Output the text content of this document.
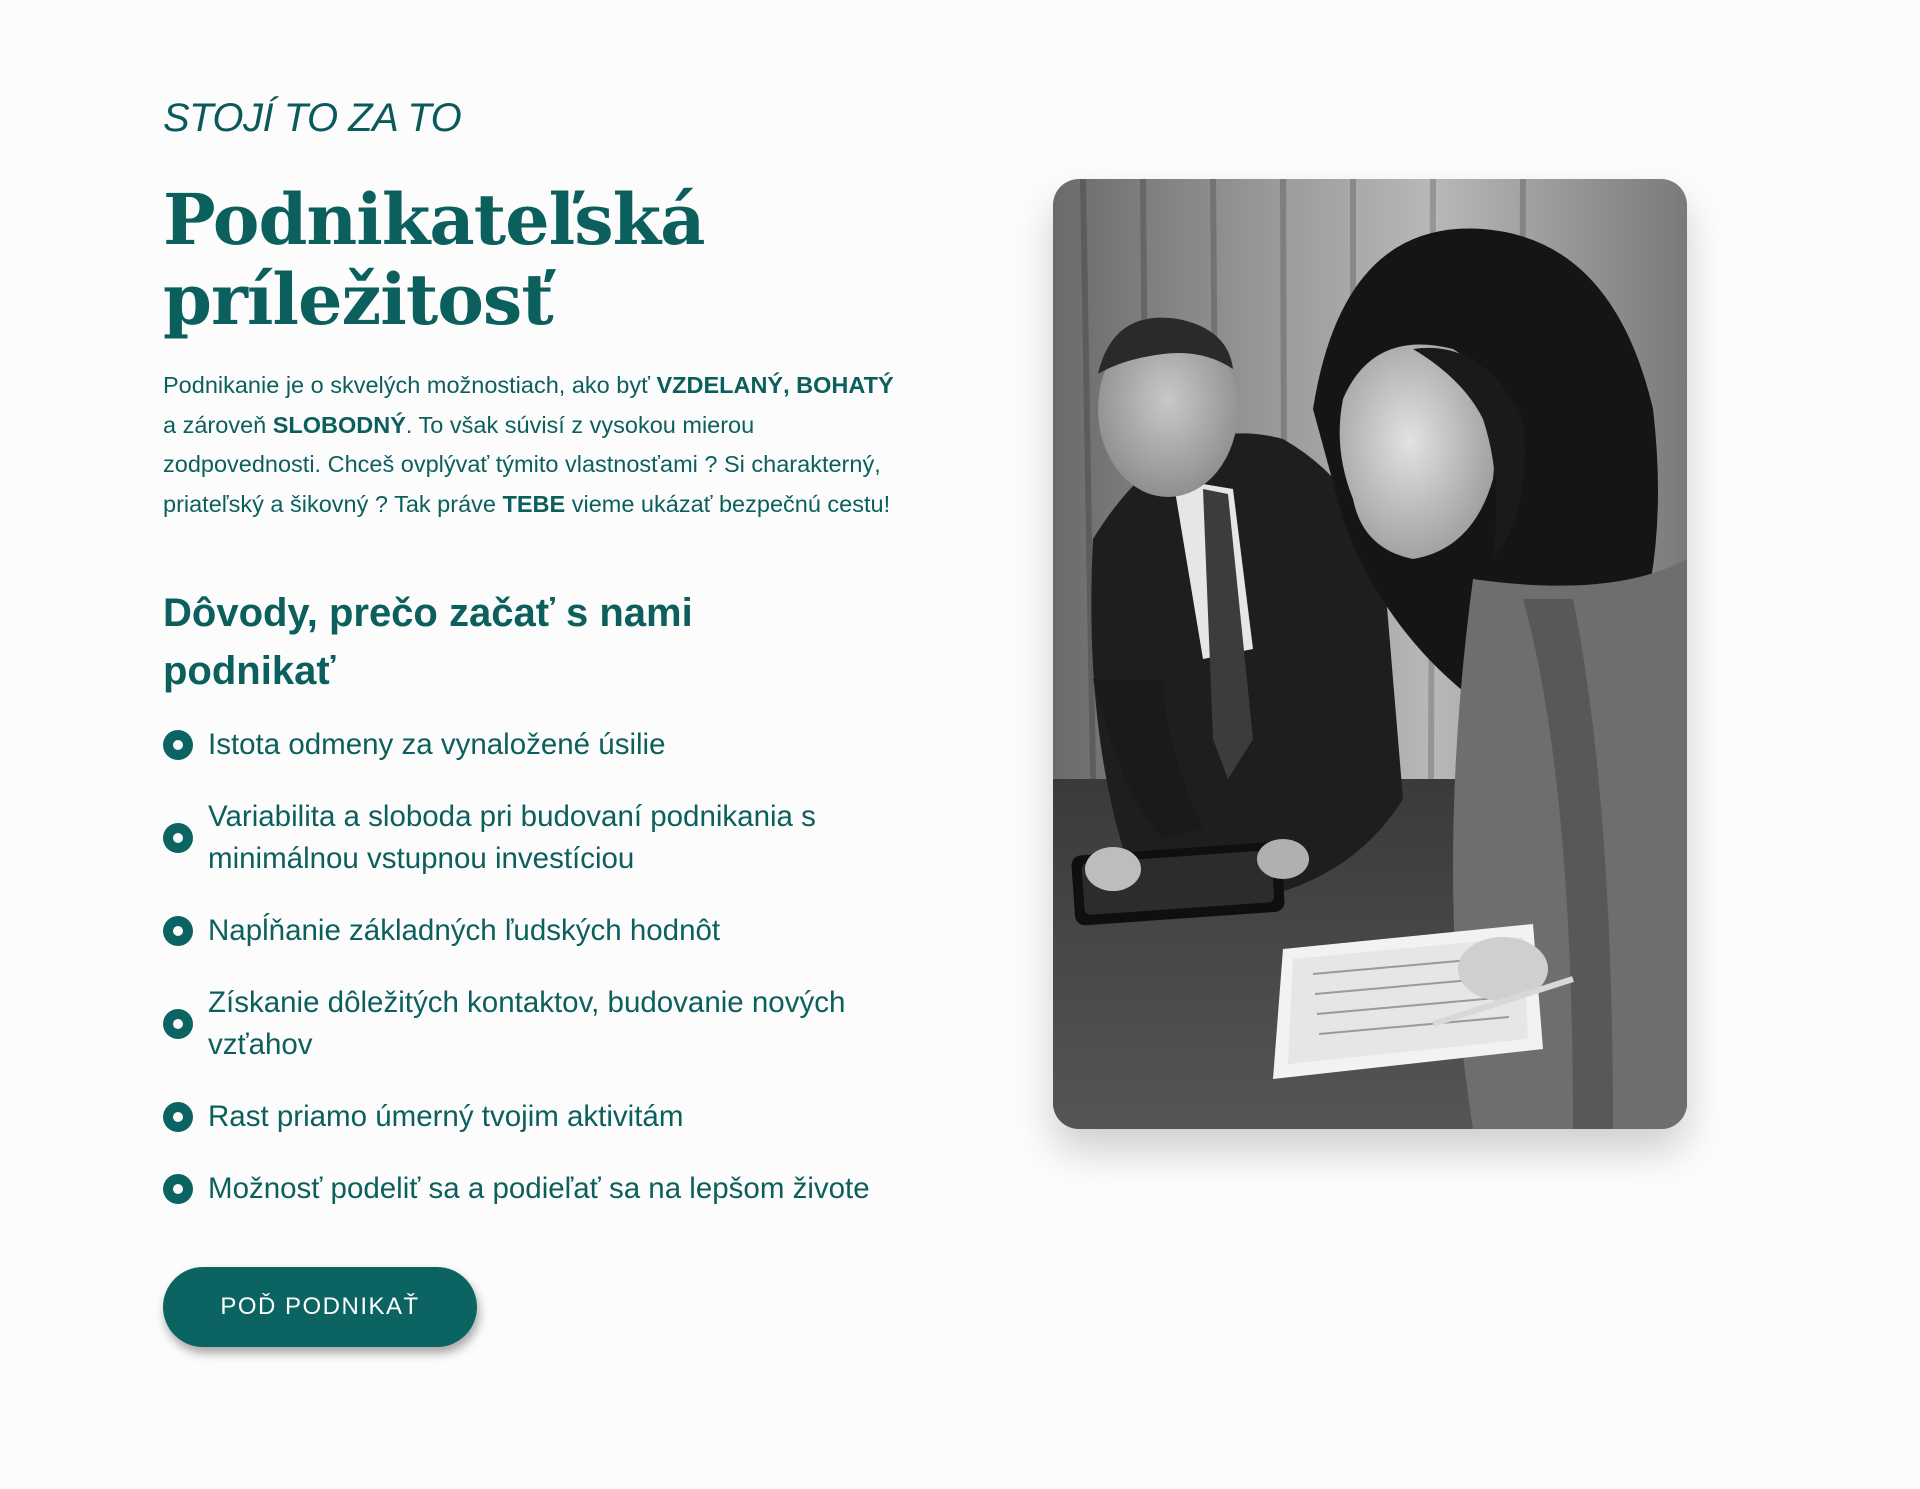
STOJÍ TO ZA TO
Podnikateľská
príležitosť

Podnikanie je o skvelých možnostiach, ako byť VZDELANÝ, BOHATÝ a zároveň SLOBODNÝ. To však súvisí z vysokou mierou zodpovednosti. Chceš ovplývať týmito vlastnosťami ? Si charakterný, priateľský a šikovný ? Tak práve TEBE vieme ukázať bezpečnú cestu!

Dôvody, prečo začať s nami podnikať
Istota odmeny za vynaložené úsilie
Variabilita a sloboda pri budovaní podnikania s minimálnou vstupnou investíciou
Napĺňanie základných ľudských hodnôt
Získanie dôležitých kontaktov, budovanie nových vzťahov
Rast priamo úmerný tvojim aktivitám
Možnosť podeliť sa a podieľať sa na lepšom živote
POĎ PODNIKAŤ
